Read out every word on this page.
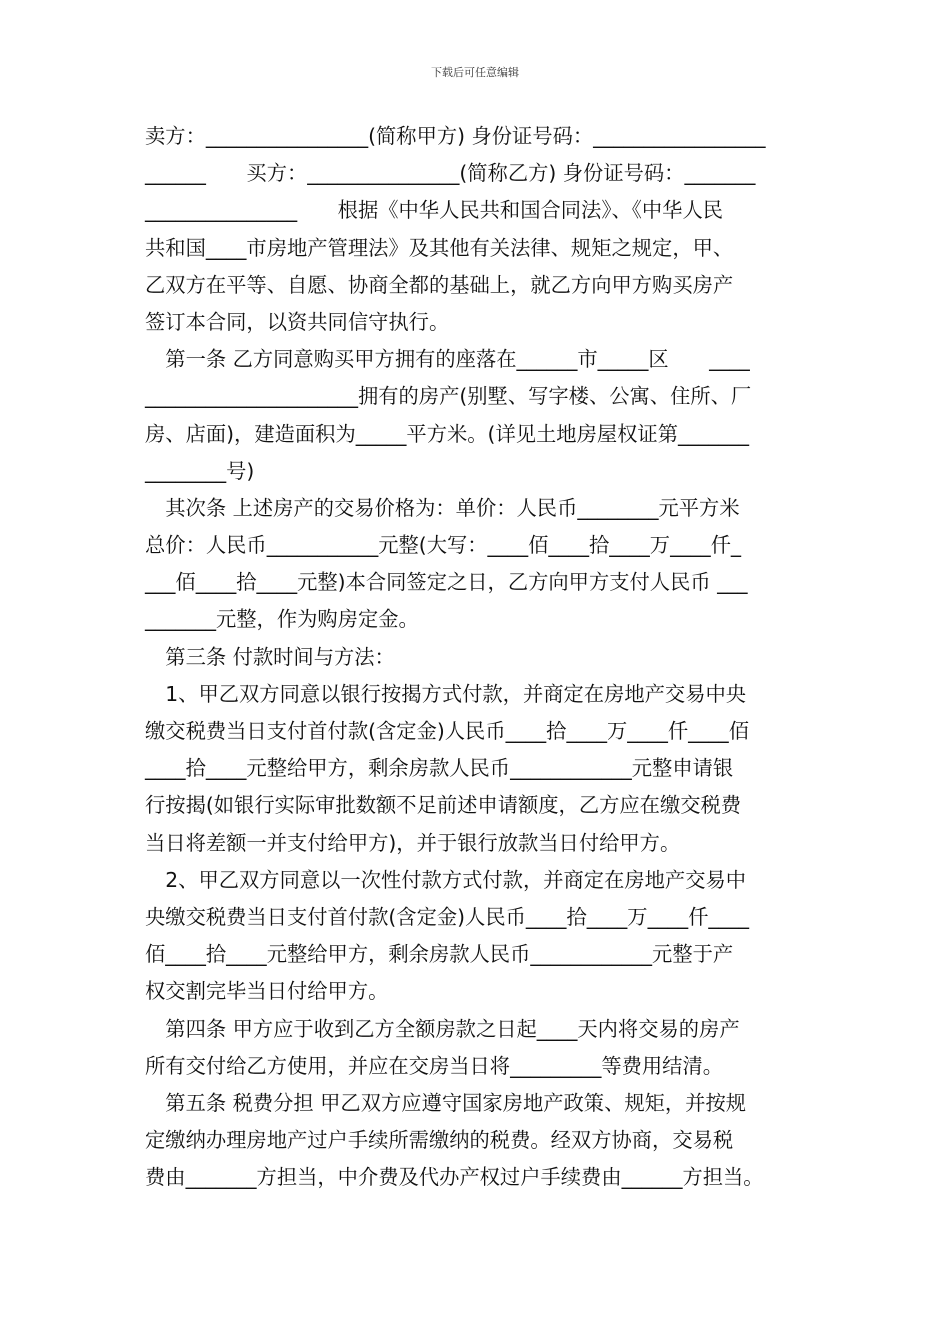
下载后可任意编辑
卖方：________________(简称甲方) 身份证号码：_________________
______　　买方：_______________(简称乙方) 身份证号码：_______
_______________　　根据《中华人民共和国合同法》、《中华人民
共和国____市房地产管理法》及其他有关法律、规矩之规定，甲、
乙双方在平等、自愿、协商全都的基础上，就乙方向甲方购买房产
签订本合同，以资共同信守执行。
　第一条 乙方同意购买甲方拥有的座落在______市_____区　　____
_____________________拥有的房产(别墅、写字楼、公寓、住所、厂
房、店面)，建造面积为_____平方米。(详见土地房屋权证第_______
________号)
　其次条 上述房产的交易价格为：单价：人民币________元平方米
总价：人民币___________元整(大写：____佰____拾____万____仟_
___佰____拾____元整)本合同签定之日，乙方向甲方支付人民币 ___
_______元整，作为购房定金。
　第三条 付款时间与方法：
　1、甲乙双方同意以银行按揭方式付款，并商定在房地产交易中央
缴交税费当日支付首付款(含定金)人民币____拾____万____仟____佰
____拾____元整给甲方，剩余房款人民币____________元整申请银
行按揭(如银行实际审批数额不足前述申请额度，乙方应在缴交税费
当日将差额一并支付给甲方)，并于银行放款当日付给甲方。
　2、甲乙双方同意以一次性付款方式付款，并商定在房地产交易中
央缴交税费当日支付首付款(含定金)人民币____拾____万____仟____
佰____拾____元整给甲方，剩余房款人民币____________元整于产
权交割完毕当日付给甲方。
　第四条 甲方应于收到乙方全额房款之日起____天内将交易的房产
所有交付给乙方使用，并应在交房当日将_________等费用结清。
　第五条 税费分担 甲乙双方应遵守国家房地产政策、规矩，并按规
定缴纳办理房地产过户手续所需缴纳的税费。经双方协商，交易税
费由_______方担当，中介费及代办产权过户手续费由______方担当。
